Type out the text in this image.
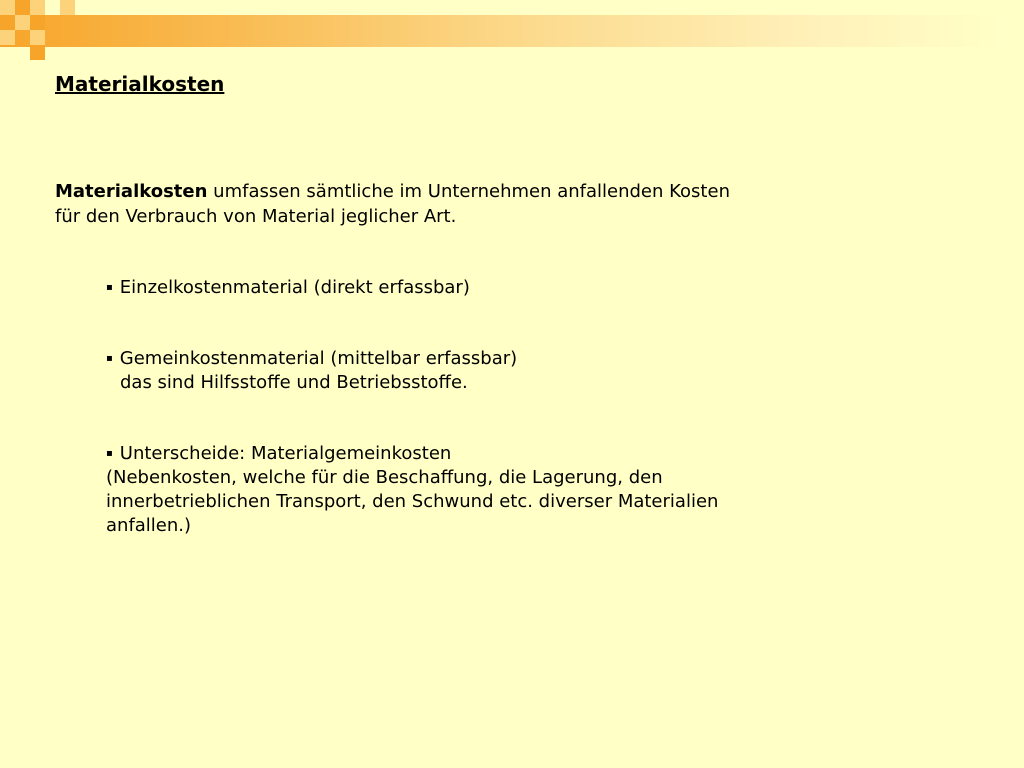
Materialkosten

Materialkosten umfassen sämtliche im Unternehmen anfallenden Kosten
für den Verbrauch von Material jeglicher Art.

▪ Einzelkostenmaterial (direkt erfassbar)

▪ Gemeinkostenmaterial (mittelbar erfassbar)

das sind Hilfsstoffe und Betriebsstoffe.

▪ Unterscheide: Materialgemeinkosten
(Nebenkosten, welche für die Beschaffung, die Lagerung, den
innerbetrieblichen Transport, den Schwund etc. diverser Materialien
anfallen.)
